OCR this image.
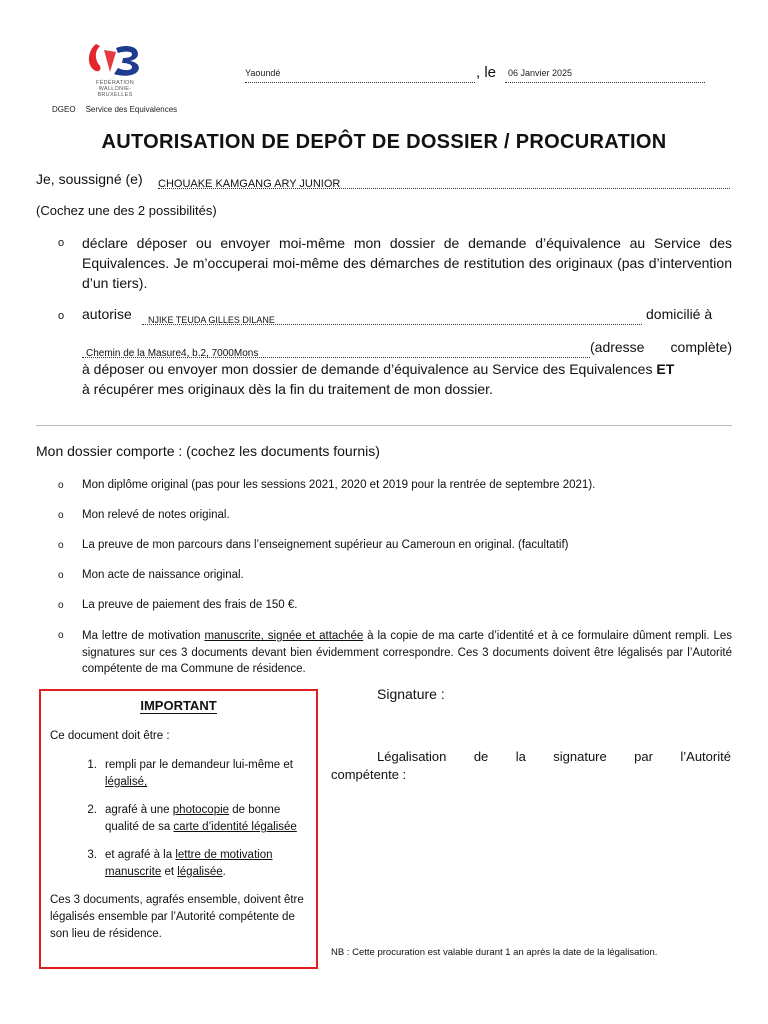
FÉDÉRATION
WALLONIE-BRUXELLES
DGEO Service des Equivalences
Yaoundé	, le	06 Janvier 2025
AUTORISATION DE DEPÔT DE DOSSIER / PROCURATION
Je, soussigné (e) CHOUAKE KAMGANG ARY JUNIOR
(Cochez une des 2 possibilités)
o déclare déposer ou envoyer moi-même mon dossier de demande d’équivalence au Service des Equivalences. Je m’occuperai moi-même des démarches de restitution des originaux (pas d’intervention d’un tiers).
o autorise	NJIKE TEUDA GILLES DILANE	domicilié à
Chemin de la Masure4, b.2, 7000Mons	(adresse complète)
à déposer ou envoyer mon dossier de demande d’équivalence au Service des Equivalences ET
à récupérer mes originaux dès la fin du traitement de mon dossier.
Mon dossier comporte : (cochez les documents fournis)
o	Mon diplôme original (pas pour les sessions 2021, 2020 et 2019 pour la rentrée de septembre 2021).
o	Mon relevé de notes original.
o	La preuve de mon parcours dans l’enseignement supérieur au Cameroun en original. (facultatif)
o	Mon acte de naissance original.
o	La preuve de paiement des frais de 150 €.
o	Ma lettre de motivation manuscrite, signée et attachée à la copie de ma carte d’identité et à ce formulaire dûment rempli. Les signatures sur ces 3 documents devant bien évidemment correspondre. Ces 3 documents doivent être légalisés par l’Autorité compétente de ma Commune de résidence.
IMPORTANT
Ce document doit être :
1. rempli par le demandeur lui-même et légalisé,
2. agrafé à une photocopie de bonne qualité de sa carte d’identité légalisée
3. et agrafé à la lettre de motivation manuscrite et légalisée.
Ces 3 documents, agrafés ensemble, doivent être légalisés ensemble par l’Autorité compétente de son lieu de résidence.
Signature :
Légalisation de la signature par l’Autorité
compétente :
NB : Cette procuration est valable durant 1 an après la date de la légalisation.
